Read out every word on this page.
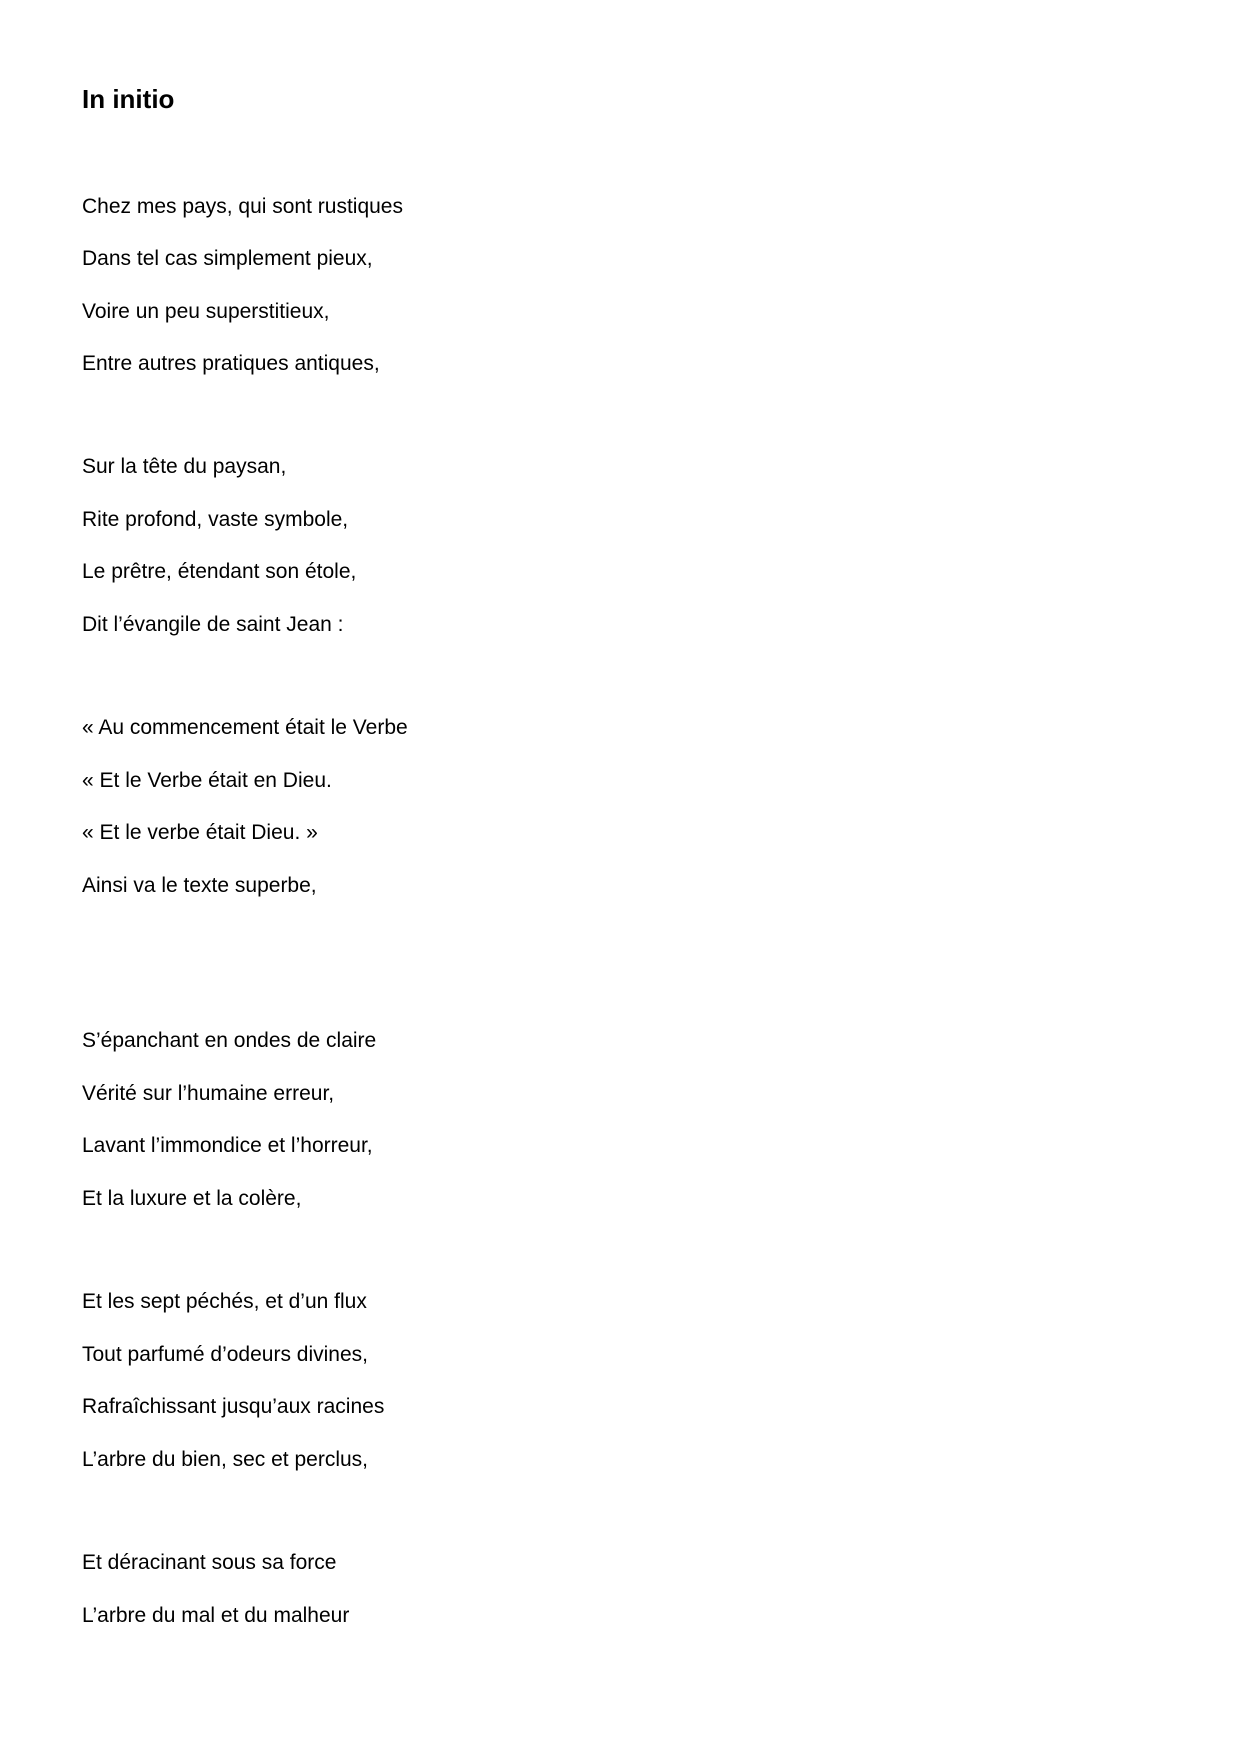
In initio
Chez mes pays, qui sont rustiques
Dans tel cas simplement pieux,
Voire un peu superstitieux,
Entre autres pratiques antiques,
Sur la tête du paysan,
Rite profond, vaste symbole,
Le prêtre, étendant son étole,
Dit l’évangile de saint Jean :
« Au commencement était le Verbe
« Et le Verbe était en Dieu.
« Et le verbe était Dieu. »
Ainsi va le texte superbe,
S’épanchant en ondes de claire
Vérité sur l’humaine erreur,
Lavant l’immondice et l’horreur,
Et la luxure et la colère,
Et les sept péchés, et d’un flux
Tout parfumé d’odeurs divines,
Rafraîchissant jusqu’aux racines
L’arbre du bien, sec et perclus,
Et déracinant sous sa force
L’arbre du mal et du malheur
